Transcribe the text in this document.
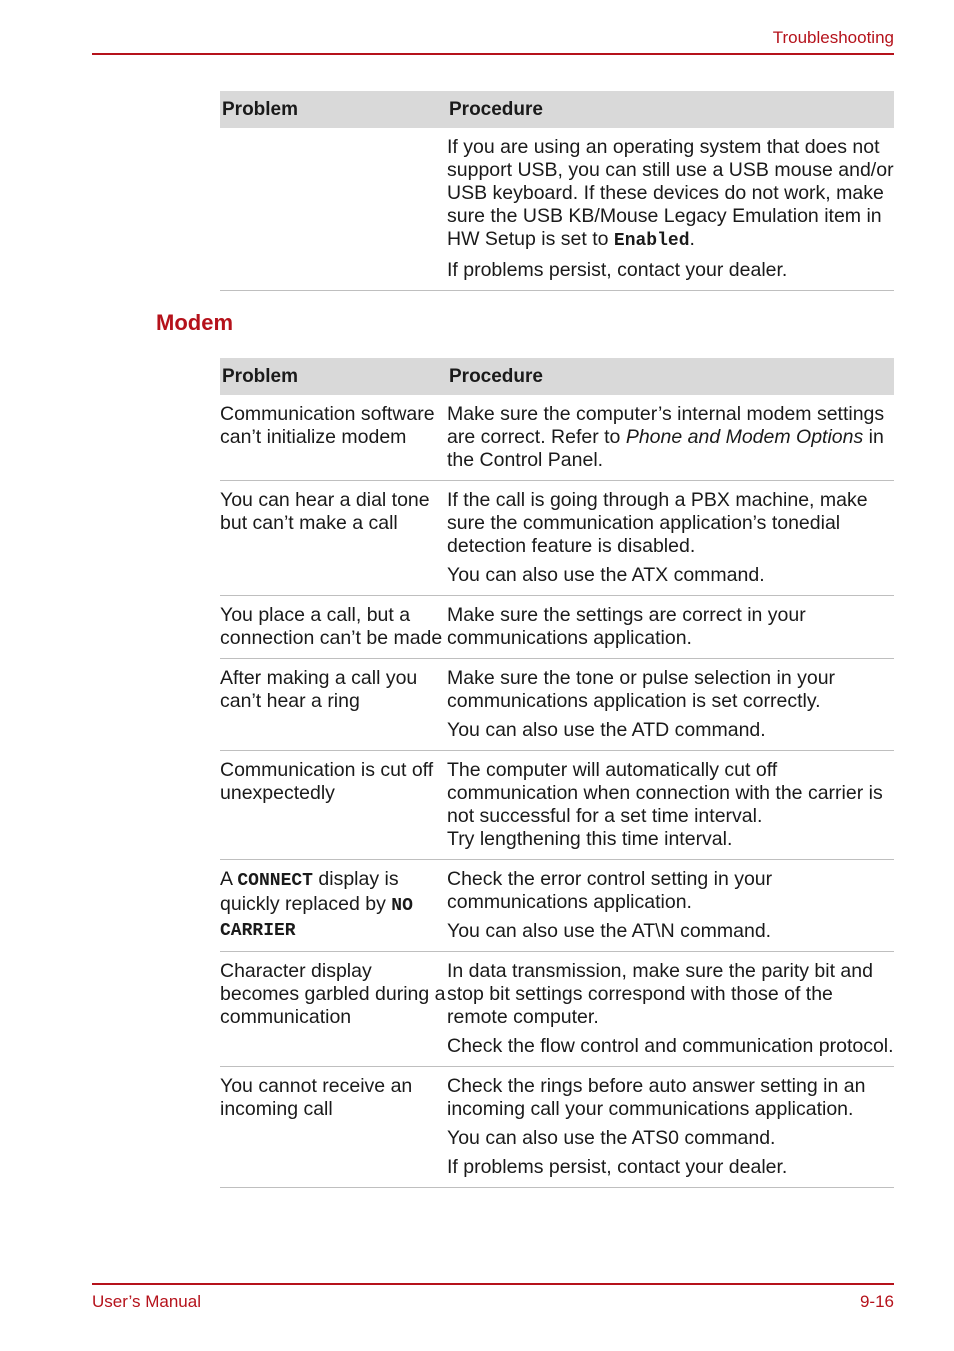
Troubleshooting
Problem	Procedure

	If you are using an operating system that does not support USB, you can still use a USB mouse and/or USB keyboard. If these devices do not work, make sure the USB KB/Mouse Legacy Emulation item in HW Setup is set to Enabled.

If problems persist, contact your dealer.

Modem
Problem	Procedure
Communication software can’t initialize modem	Make sure the computer’s internal modem settings are correct. Refer to Phone and Modem Options in the Control Panel.

You can hear a dial tone but can’t make a call	If the call is going through a PBX machine, make sure the communication application’s tonedial detection feature is disabled.

You can also use the ATX command.

You place a call, but a connection can’t be made	Make sure the settings are correct in your communications application.

After making a call you can’t hear a ring	Make sure the tone or pulse selection in your communications application is set correctly.

You can also use the ATD command.

Communication is cut off unexpectedly	The computer will automatically cut off communication when connection with the carrier is not successful for a set time interval.
Try lengthening this time interval.

A CONNECT display is quickly replaced by NO CARRIER	Check the error control setting in your communications application.

You can also use the AT\N command.

Character display becomes garbled during a communication	In data transmission, make sure the parity bit and stop bit settings correspond with those of the remote computer.

Check the flow control and communication protocol.

You cannot receive an incoming call	Check the rings before auto answer setting in an incoming call your communications application.

You can also use the ATS0 command.

If problems persist, contact your dealer.

User’s Manual	9-16
